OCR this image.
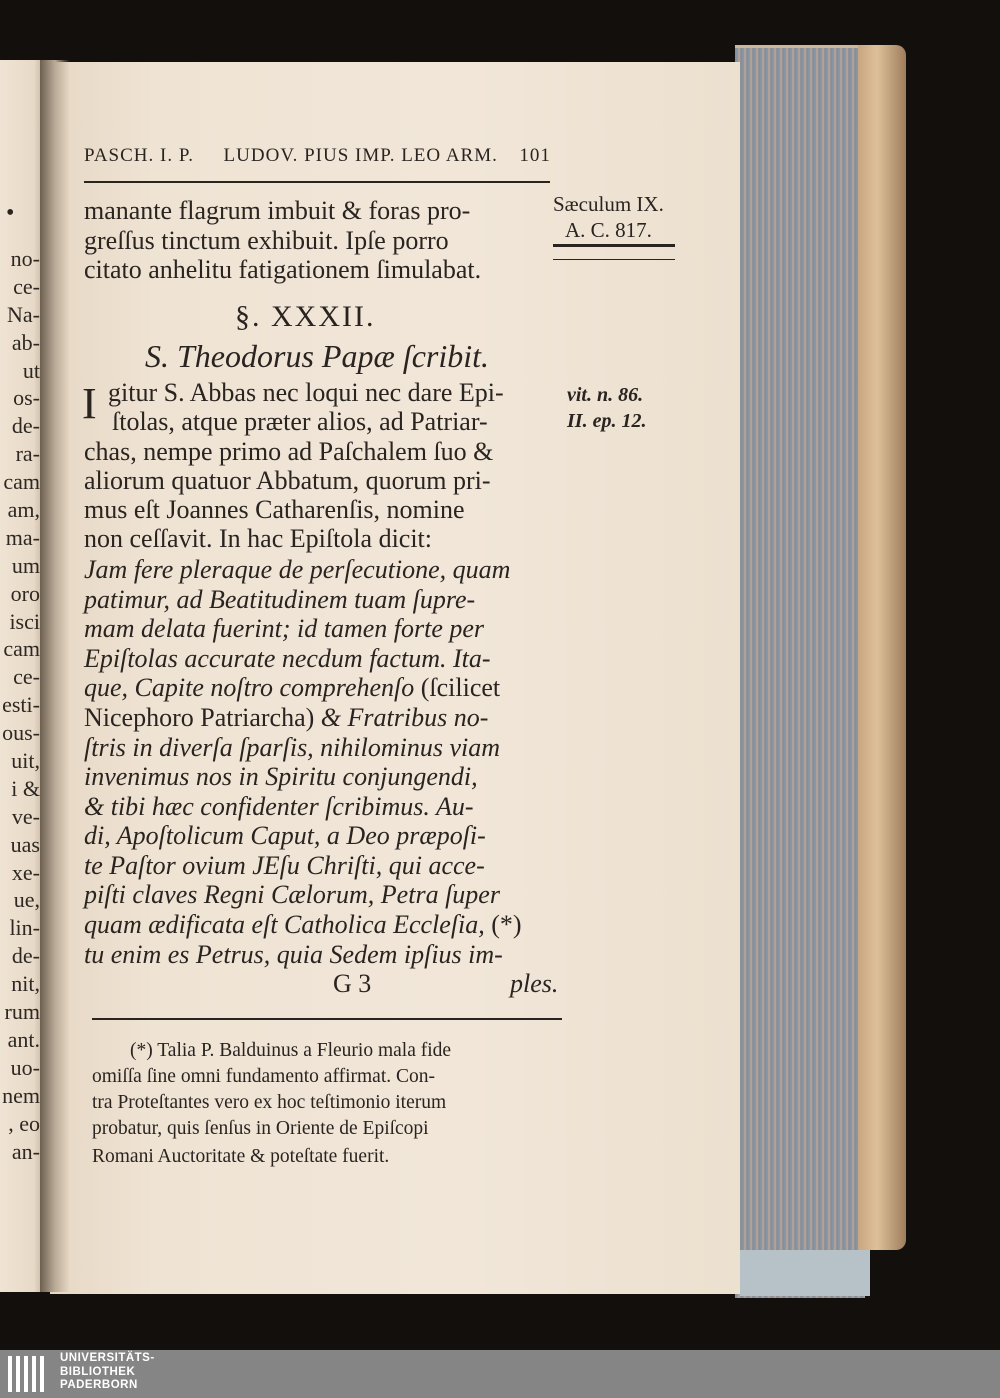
•
no-
ce-
Na-
ab-
ut
os-
de-
ra-
cam
am,
ma-
um
oro
isci
cam
ce-
esti-
ous-
uit,
i &
ve-
uas
xe-
ue,
lin-
de-
nit,
rum
ant.
uo-
nem
, eo
an-
PASCH. I. P. LUDOV. PIUS IMP. LEO ARM. 101
Sæculum IX.
A. C. 817.
vit. n. 86.
II. ep. 12.
manante flagrum imbuit & foras pro-
greſſus tinctum exhibuit. Ipſe porro
citato anhelitu fatigationem ſimulabat.
§. XXXII.
S. Theodorus Papæ ſcribit.
I gitur S. Abbas nec loqui nec dare Epi-
ſtolas, atque præter alios, ad Patriar-
chas, nempe primo ad Paſchalem ſuo &
aliorum quatuor Abbatum, quorum pri-
mus eſt Joannes Catharenſis, nomine
non ceſſavit. In hac Epiſtola dicit:
Jam fere pleraque de perſecutione, quam
patimur, ad Beatitudinem tuam ſupre-
mam delata fuerint; id tamen forte per
Epiſtolas accurate necdum factum. Ita-
que, Capite noſtro comprehenſo (ſcilicet
Nicephoro Patriarcha) & Fratribus no-
ſtris in diverſa ſparſis, nihilominus viam
invenimus nos in Spiritu conjungendi,
& tibi hæc confidenter ſcribimus. Au-
di, Apoſtolicum Caput, a Deo præpoſi-
te Paſtor ovium JEſu Chriſti, qui acce-
piſti claves Regni Cælorum, Petra ſuper
quam ædificata eſt Catholica Eccleſia, (*)
tu enim es Petrus, quia Sedem ipſius im-
G 3	ples.
(*) Talia P. Balduinus a Fleurio mala fide
omiſſa ſine omni fundamento affirmat. Con-
tra Proteſtantes vero ex hoc teſtimonio iterum
probatur, quis ſenſus in Oriente de Epiſcopi
Romani Auctoritate & poteſtate fuerit.
UNIVERSITÄTS-
BIBLIOTHEK
PADERBORN
